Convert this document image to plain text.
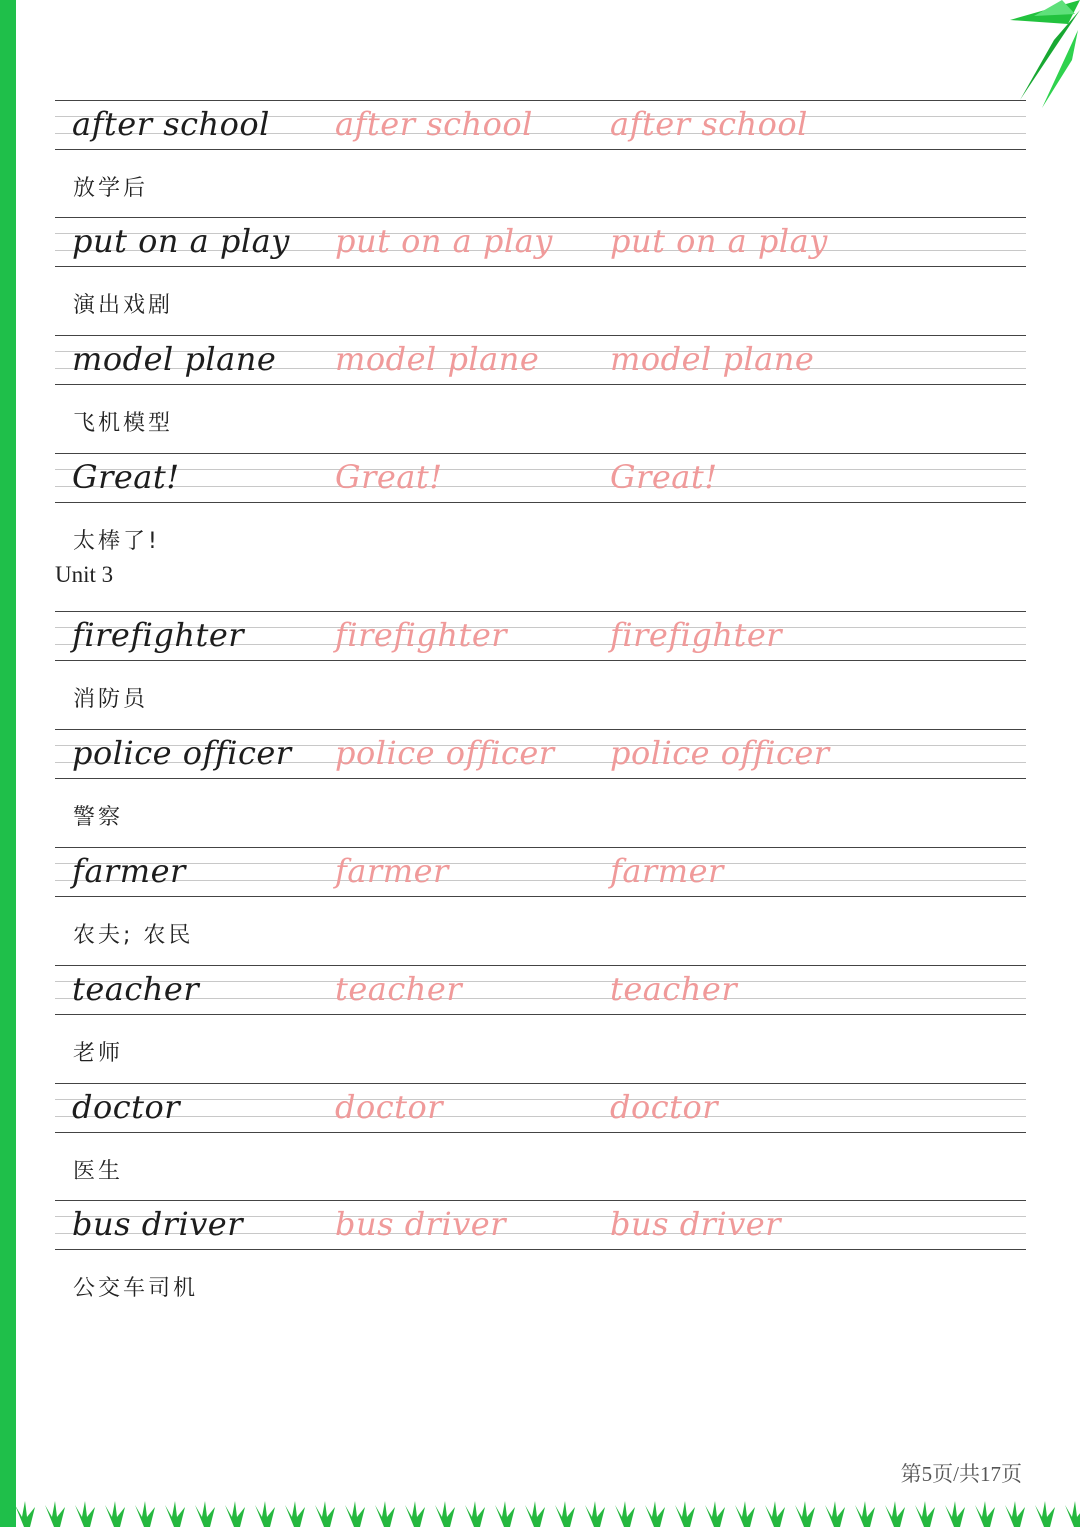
after school after school after school
放学后
put on a play put on a play put on a play
演出戏剧
model plane model plane model plane
飞机模型
Great!	Great!	Great!
太棒了!
firefighter	firefighter	firefighter
消防员
police officer police officer police officer
警察
farmer	farmer	farmer
农夫; 农民
teacher	teacher	teacher
老师
doctor	doctor	doctor
医生
bus driver	bus driver	bus driver
公交车司机
Unit 3
第5页/共17页
